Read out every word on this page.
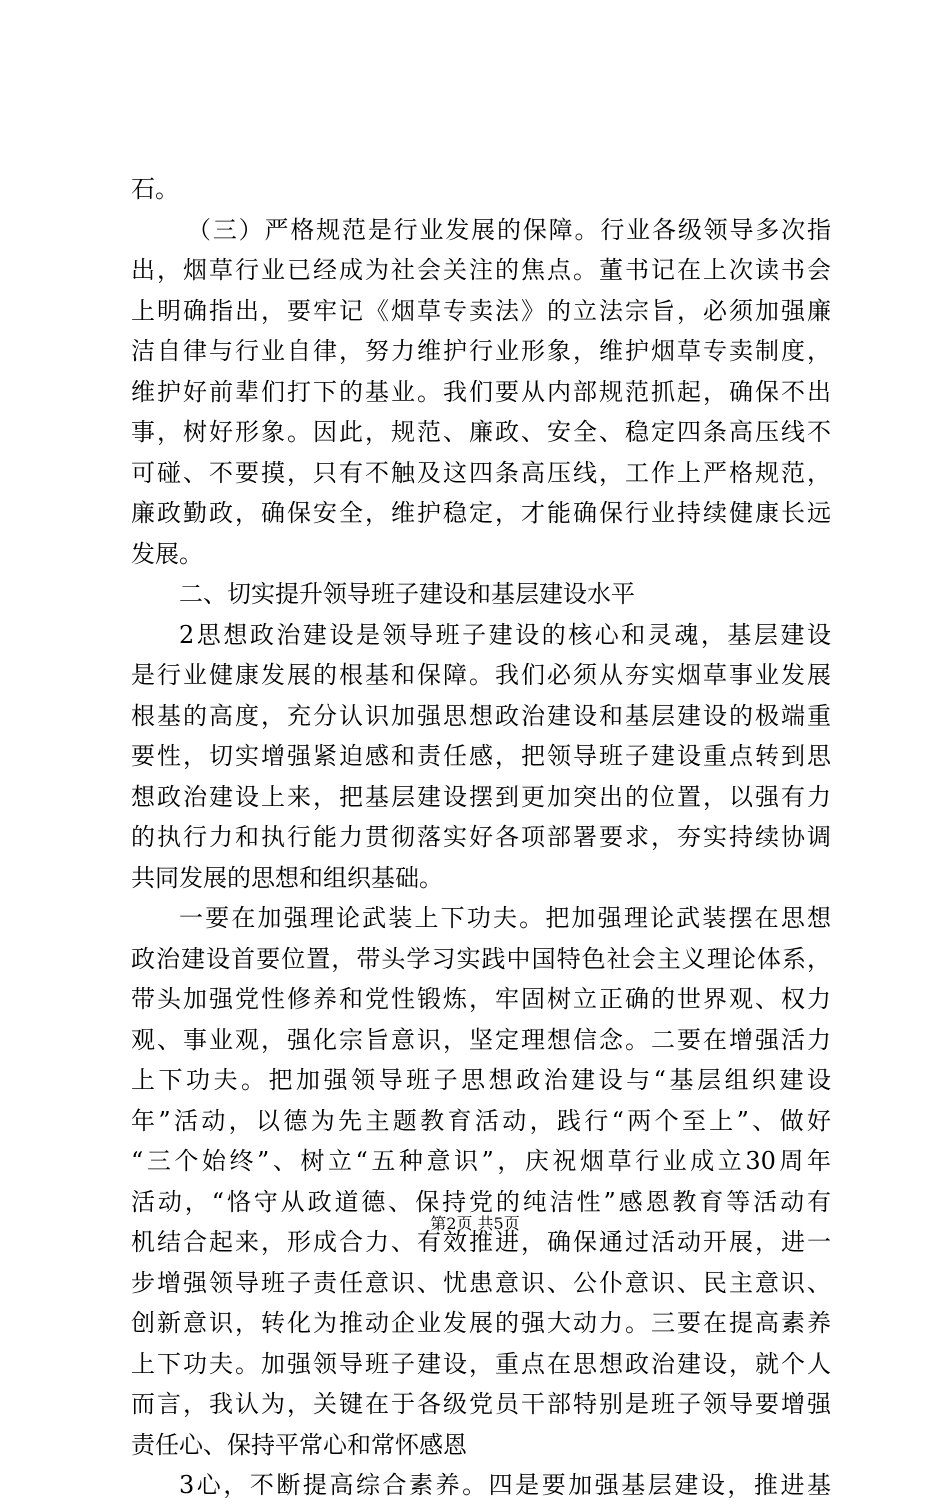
石。
（三）严格规范是行业发展的保障。行业各级领导多次指
出，烟草行业已经成为社会关注的焦点。董书记在上次读书会
上明确指出，要牢记《烟草专卖法》的立法宗旨，必须加强廉
洁自律与行业自律，努力维护行业形象，维护烟草专卖制度，
维护好前辈们打下的基业。我们要从内部规范抓起，确保不出
事，树好形象。因此，规范、廉政、安全、稳定四条高压线不
可碰、不要摸，只有不触及这四条高压线，工作上严格规范，
廉政勤政，确保安全，维护稳定，才能确保行业持续健康长远
发展。
二、切实提升领导班子建设和基层建设水平
2思想政治建设是领导班子建设的核心和灵魂，基层建设
是行业健康发展的根基和保障。我们必须从夯实烟草事业发展
根基的高度，充分认识加强思想政治建设和基层建设的极端重
要性，切实增强紧迫感和责任感，把领导班子建设重点转到思
想政治建设上来，把基层建设摆到更加突出的位置，以强有力
的执行力和执行能力贯彻落实好各项部署要求，夯实持续协调
共同发展的思想和组织基础。
一要在加强理论武装上下功夫。把加强理论武装摆在思想
政治建设首要位置，带头学习实践中国特色社会主义理论体系，
带头加强党性修养和党性锻炼，牢固树立正确的世界观、权力
观、事业观，强化宗旨意识，坚定理想信念。二要在增强活力
上下功夫。把加强领导班子思想政治建设与“基层组织建设
年”活动，以德为先主题教育活动，践行“两个至上”、做好
“三个始终”、树立“五种意识”，庆祝烟草行业成立30周年
活动，“恪守从政道德、保持党的纯洁性”感恩教育等活动有
机结合起来，形成合力、有效推进，确保通过活动开展，进一
步增强领导班子责任意识、忧患意识、公仆意识、民主意识、
创新意识，转化为推动企业发展的强大动力。三要在提高素养
上下功夫。加强领导班子建设，重点在思想政治建设，就个人
而言，我认为，关键在于各级党员干部特别是班子领导要增强
责任心、保持平常心和常怀感恩
3心，不断提高综合素养。四是要加强基层建设，推进基
第2页 共5页
